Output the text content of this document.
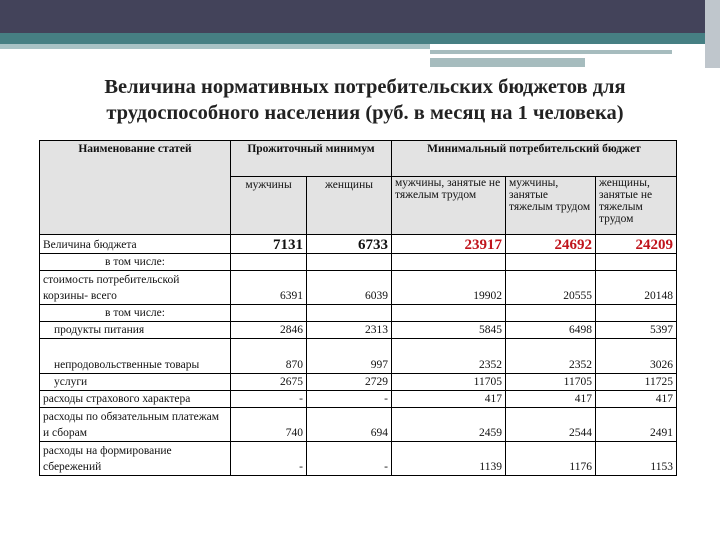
Величина нормативных потребительских бюджетов для трудоспособного населения (руб. в месяц на 1 человека)
Наименование статей	Прожиточный минимум		Минимальный потребительский бюджет		
	мужчины	женщины	мужчины, занятые не тяжелым трудом	мужчины, занятые тяжелым трудом	женщины, занятые не тяжелым трудом
Величина бюджета	7131	6733	23917	24692	24209
в том числе:					
стоимость потребительской корзины- всего	6391	6039	19902	20555	20148
в том числе:					
продукты питания	2846	2313	5845	6498	5397
непродовольственные товары	870	997	2352	2352	3026
услуги	2675	2729	11705	11705	11725
расходы страхового характера	-	-	417	417	417
расходы по обязательным платежам и сборам	740	694	2459	2544	2491
расходы на формирование сбережений	-	-	1139	1176	1153
